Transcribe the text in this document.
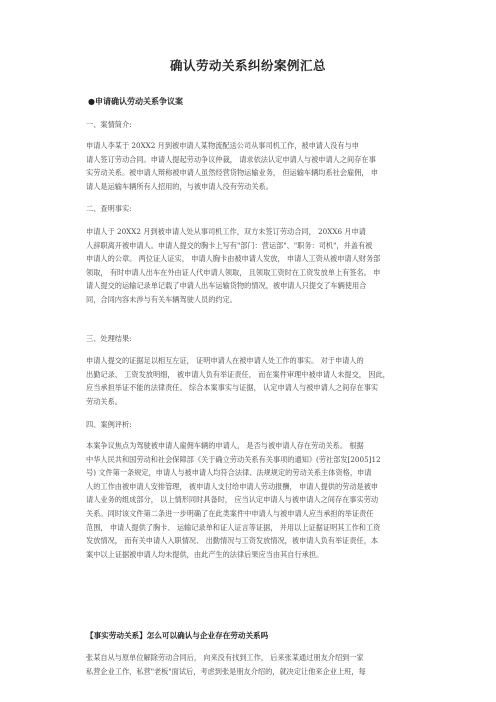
确认劳动关系纠纷案例汇总
●申请确认劳动关系争议案
一、案情简介:
申请人李某于 20XX2 月到被申请人某物流配送公司从事司机工作，被申请人没有与申
请人签订劳动合同。申请人提起劳动争议仲裁， 请求依法认定申请人与被申请人之间存在事
实劳动关系。被申请人辩称被申请人虽然经营货物运输业务， 但运输车辆均系社会雇佣， 申
请人是运输车辆所有人招用的，与被申请人没有劳动关系。
二、查明事实:
申请人于 20XX2 月到被申请人处从事司机工作，双方未签订劳动合同， 20XX6 月申请
人辞职离开被申请人。申请人提交的胸卡上写有"部门：营运部"、"职务：司机"，并盖有被
申请人的公章。 两位证人证实， 申请人胸卡由被申请人发放， 申请人工资从被申请人财务部
领取， 有时申请人出车在外由证人代申请人领取， 且领取工资时在工资发放单上有签名。 申
请人提交的运输记录单记载了申请人出车运输货物的情况，被申请人只提交了车辆使用合
同，合同内容未涉与有关车辆驾驶人员的约定。
三、处理结果:
申请人提交的证据足以相互左证， 证明申请人在被申请人处工作的事实。 对于申请人的
出勤记录、 工资发放明细， 被申请人负有举证责任， 而在案件审理中被申请人未提交， 因此，
应当承担举证不能的法律责任。 综合本案事实与证据， 认定申请人与被申请人之间存在事实
劳动关系。
四、案例评析:
本案争议焦点为驾驶被申请人雇佣车辆的申请人， 是否与被申请人存在劳动关系。 根据
中华人民共和国劳动和社会保障部《关于确立劳动关系有关事项的通知》(劳社部发[2005]12
号) 文件第一条规定，申请人与被申请人均符合法律、法规规定的劳动关系主体资格，申请
人的工作由被申请人安排管理， 被申请人支付给申请人劳动报酬， 申请人提供的劳动是被申
请人业务的组成部分， 以上情形同时具备时， 应当认定申请人与被申请人之间存在事实劳动
关系。同时该文件第二条进一步明确了在此类案件中申请人与被申请人应当承担的举证责任
范围， 申请人提供了胸卡、 运输记录单和证人证言等证据， 并用以上证据证明其工作和工资
发放情况， 而有关申请人入职情况、 出勤情况与工资发放情况，被申请人负有举证责任，本
案中以上证据被申请人均未提供，由此产生的法律后果应当由其自行承担。
【事实劳动关系】怎么可以确认与企业存在劳动关系吗
张某自从与原单位解除劳动合同后， 向来没有找到工作， 后来张某通过朋友介绍到一家
私营企业工作，私营"老板"面试后，考虑到张是朋友介绍的，就决定让他来企业上班，每
